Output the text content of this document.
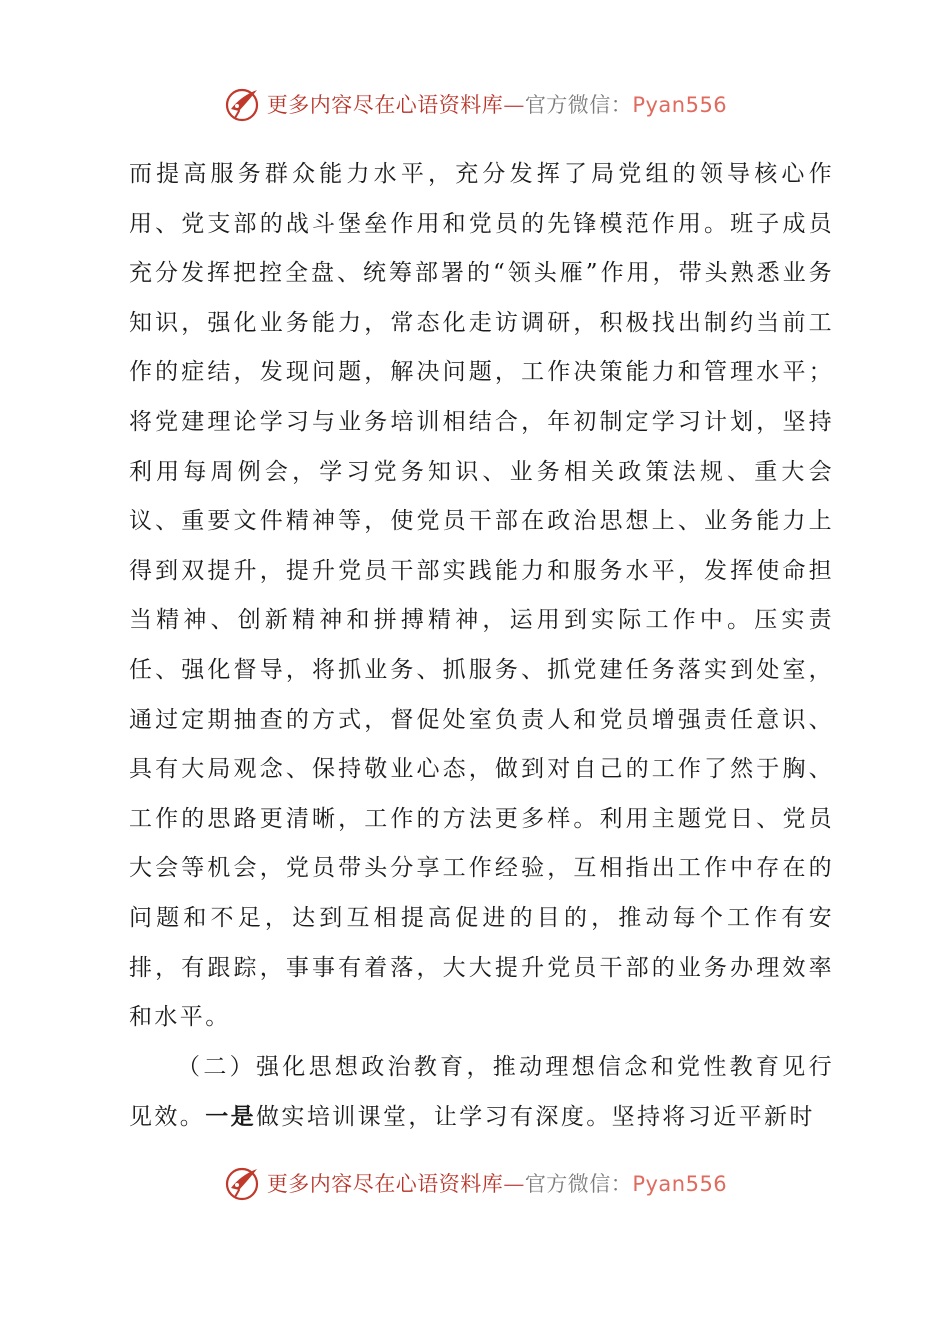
更多内容尽在心语资料库—官方微信：Pyan556

而提高服务群众能力水平，充分发挥了局党组的领导核心作用、党支部的战斗堡垒作用和党员的先锋模范作用。班子成员充分发挥把控全盘、统筹部署的“领头雁”作用，带头熟悉业务知识，强化业务能力，常态化走访调研，积极找出制约当前工作的症结，发现问题，解决问题，工作决策能力和管理水平；将党建理论学习与业务培训相结合，年初制定学习计划，坚持利用每周例会，学习党务知识、业务相关政策法规、重大会议、重要文件精神等，使党员干部在政治思想上、业务能力上得到双提升，提升党员干部实践能力和服务水平，发挥使命担当精神、创新精神和拼搏精神，运用到实际工作中。压实责任、强化督导，将抓业务、抓服务、抓党建任务落实到处室，通过定期抽查的方式，督促处室负责人和党员增强责任意识、具有大局观念、保持敬业心态，做到对自己的工作了然于胸、工作的思路更清晰，工作的方法更多样。利用主题党日、党员大会等机会，党员带头分享工作经验，互相指出工作中存在的问题和不足，达到互相提高促进的目的，推动每个工作有安排，有跟踪，事事有着落，大大提升党员干部的业务办理效率和水平。

（二）强化思想政治教育，推动理想信念和党性教育见行见效。一是做实培训课堂，让学习有深度。坚持将习近平新时

更多内容尽在心语资料库—官方微信：Pyan556
